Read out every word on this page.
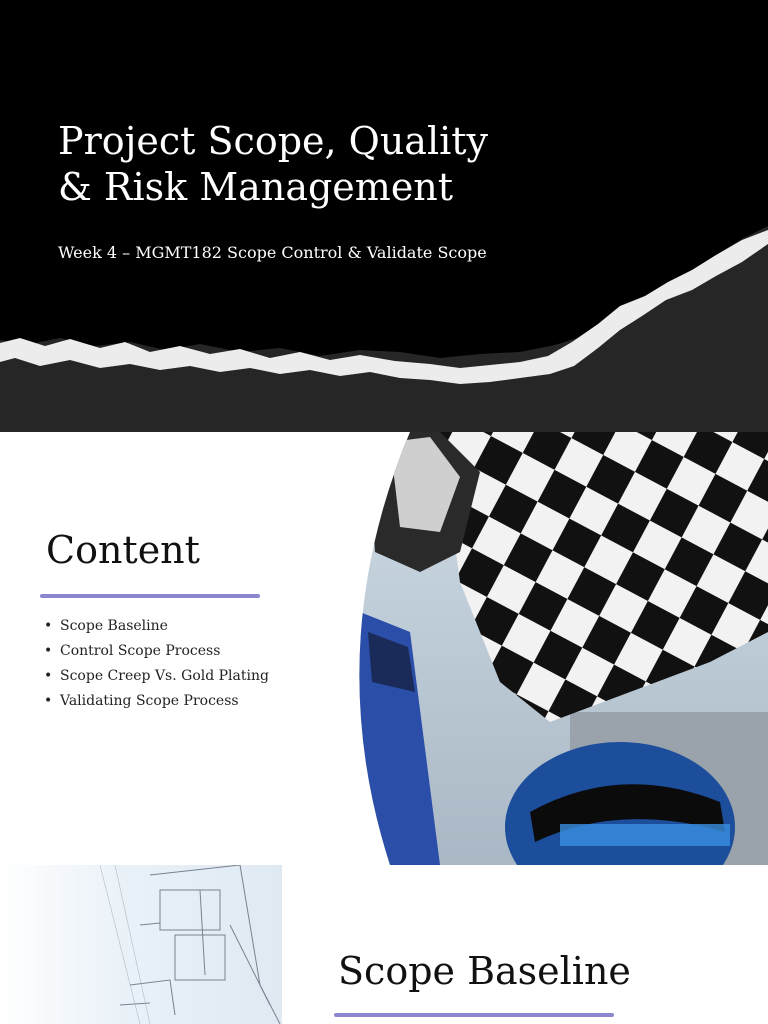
Project Scope, Quality
& Risk Management

Week 4 – MGMT182 Scope Control & Validate Scope

Content
• Scope Baseline
• Control Scope Process
• Scope Creep Vs. Gold Plating
• Validating Scope Process
Scope Baseline
